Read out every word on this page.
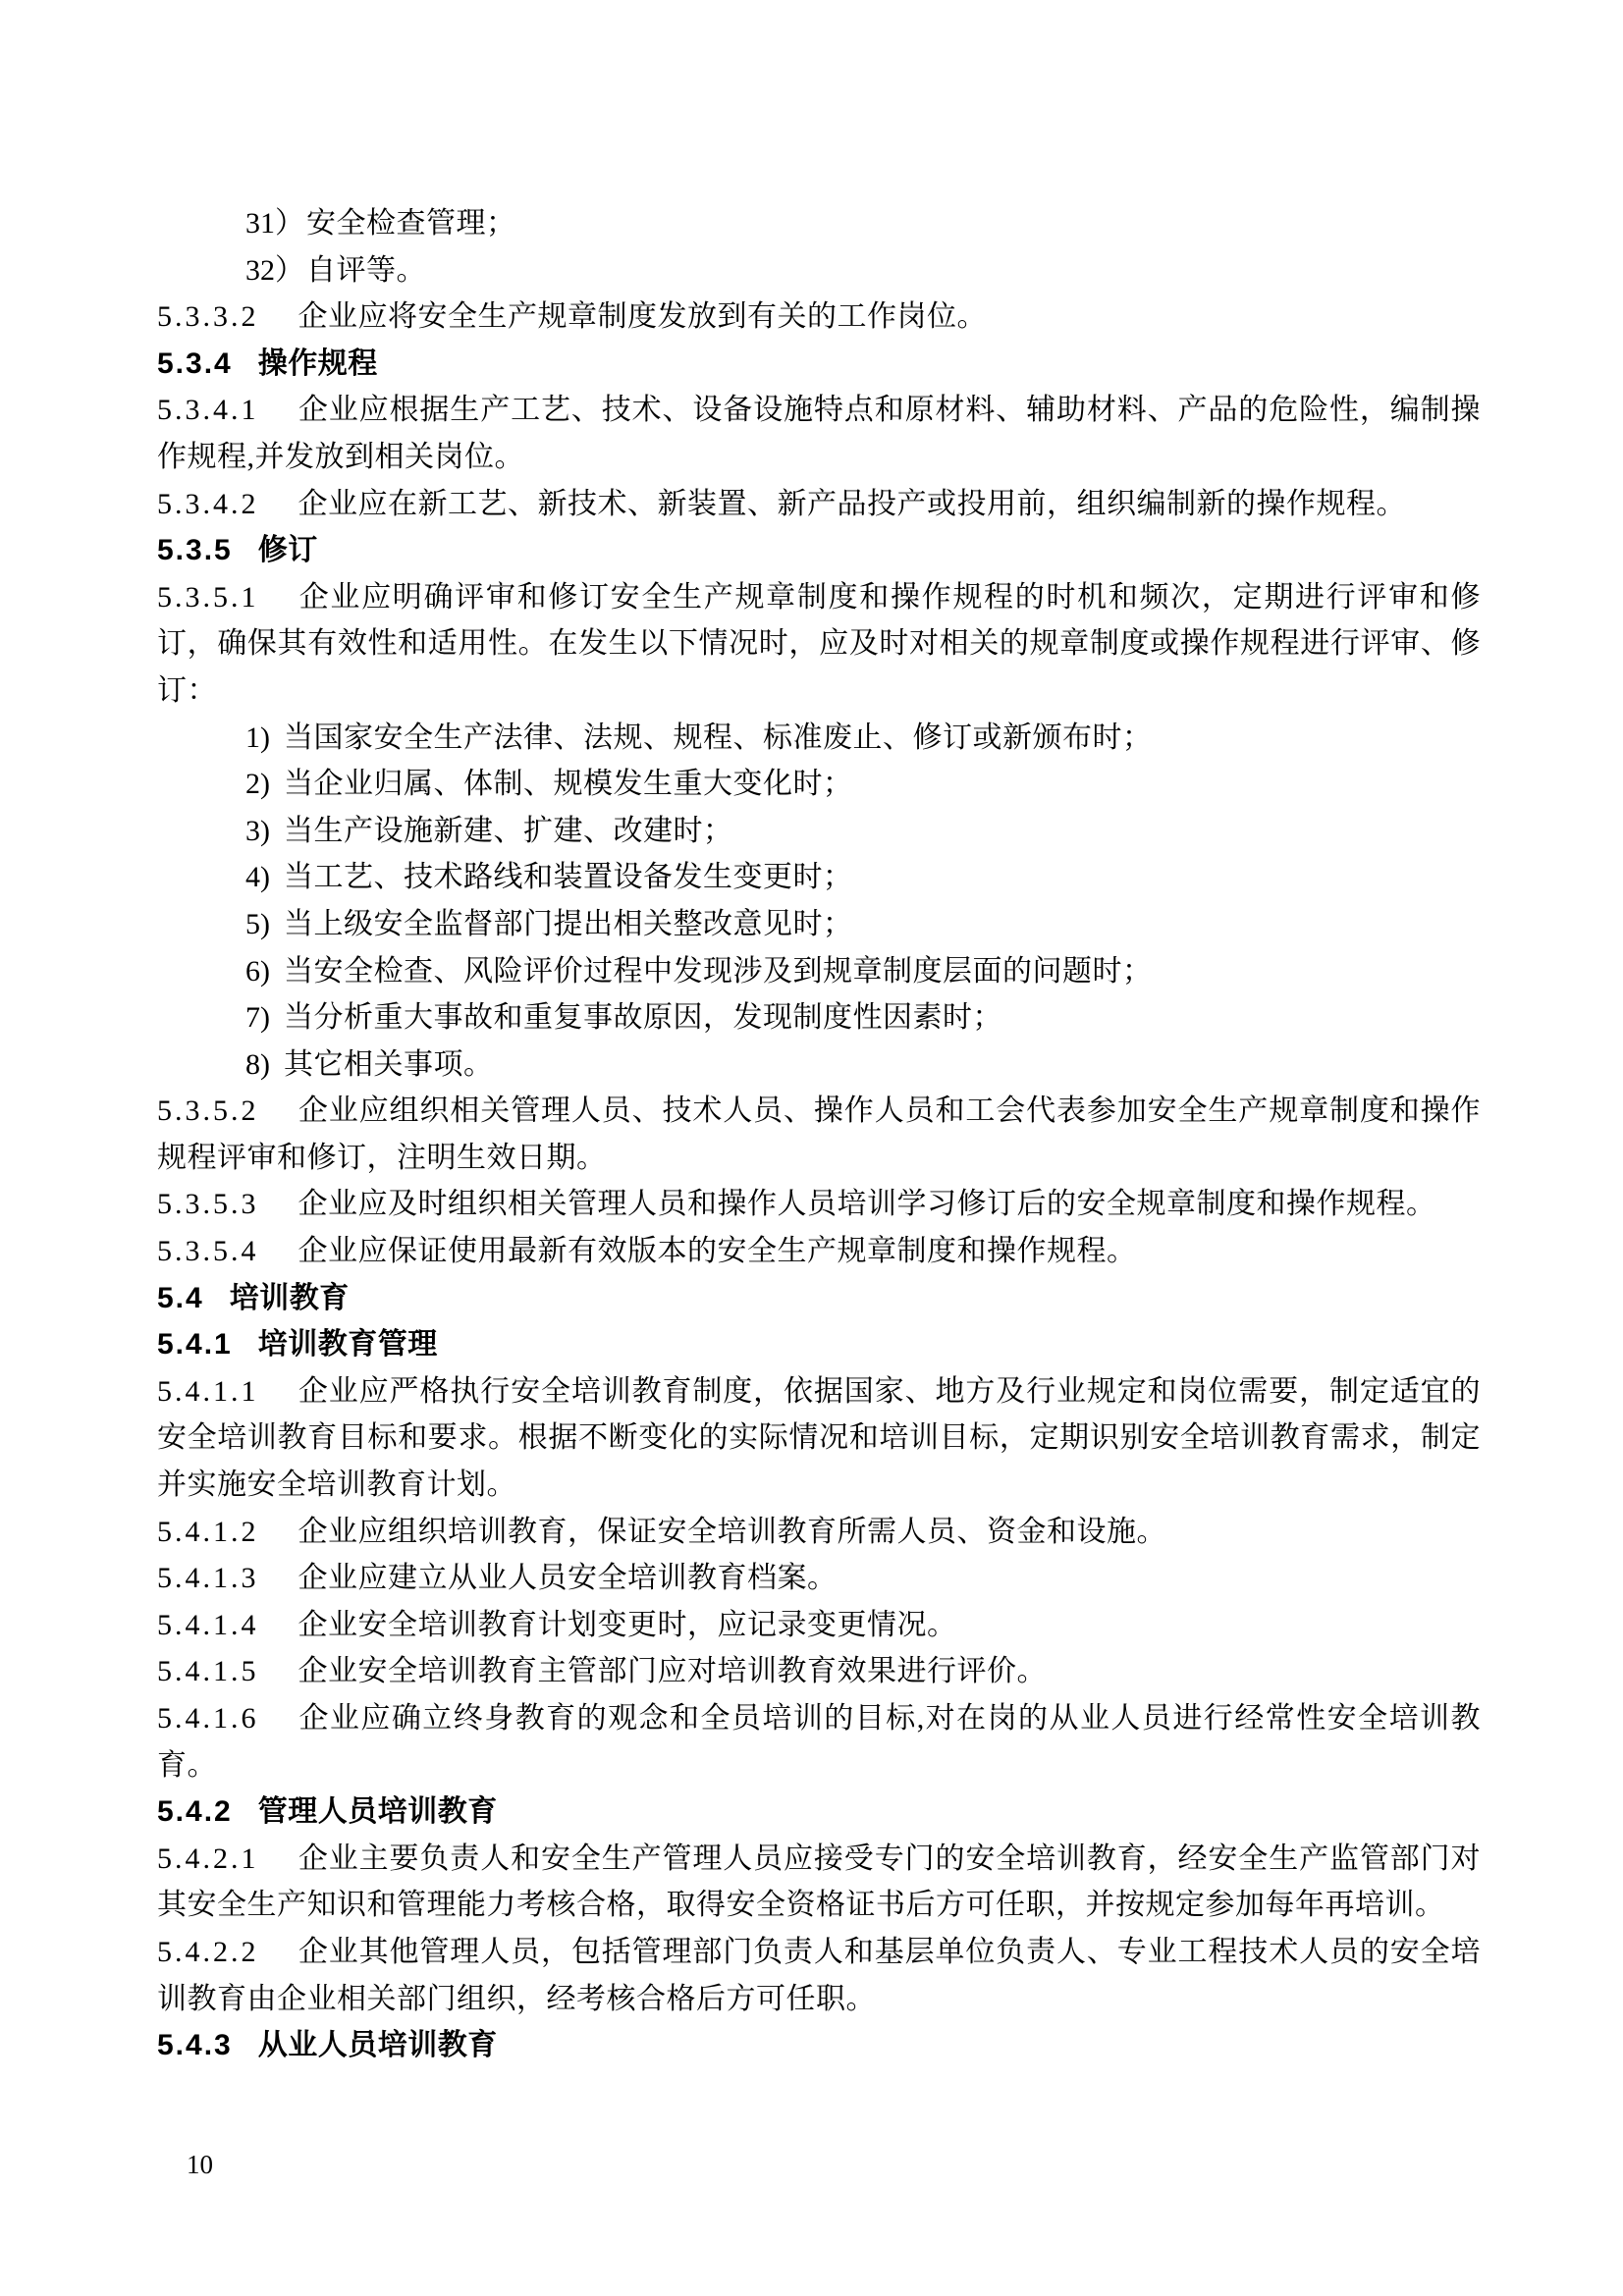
31）安全检查管理；

32）自评等。

5.3.3.2 企业应将安全生产规章制度发放到有关的工作岗位。

5.3.4 操作规程

5.3.4.1 企业应根据生产工艺、技术、设备设施特点和原材料、辅助材料、产品的危险性，编制操作规程,并发放到相关岗位。

5.3.4.2 企业应在新工艺、新技术、新装置、新产品投产或投用前，组织编制新的操作规程。

5.3.5 修订

5.3.5.1 企业应明确评审和修订安全生产规章制度和操作规程的时机和频次，定期进行评审和修订，确保其有效性和适用性。在发生以下情况时，应及时对相关的规章制度或操作规程进行评审、修订：

1) 当国家安全生产法律、法规、规程、标准废止、修订或新颁布时；

2) 当企业归属、体制、规模发生重大变化时；

3) 当生产设施新建、扩建、改建时；

4) 当工艺、技术路线和装置设备发生变更时；

5) 当上级安全监督部门提出相关整改意见时；

6) 当安全检查、风险评价过程中发现涉及到规章制度层面的问题时；

7) 当分析重大事故和重复事故原因，发现制度性因素时；

8) 其它相关事项。

5.3.5.2 企业应组织相关管理人员、技术人员、操作人员和工会代表参加安全生产规章制度和操作规程评审和修订，注明生效日期。

5.3.5.3 企业应及时组织相关管理人员和操作人员培训学习修订后的安全规章制度和操作规程。

5.3.5.4 企业应保证使用最新有效版本的安全生产规章制度和操作规程。

5.4 培训教育

5.4.1 培训教育管理

5.4.1.1 企业应严格执行安全培训教育制度，依据国家、地方及行业规定和岗位需要，制定适宜的安全培训教育目标和要求。根据不断变化的实际情况和培训目标，定期识别安全培训教育需求，制定并实施安全培训教育计划。

5.4.1.2 企业应组织培训教育，保证安全培训教育所需人员、资金和设施。

5.4.1.3 企业应建立从业人员安全培训教育档案。

5.4.1.4 企业安全培训教育计划变更时，应记录变更情况。

5.4.1.5 企业安全培训教育主管部门应对培训教育效果进行评价。

5.4.1.6 企业应确立终身教育的观念和全员培训的目标,对在岗的从业人员进行经常性安全培训教育。

5.4.2 管理人员培训教育

5.4.2.1 企业主要负责人和安全生产管理人员应接受专门的安全培训教育，经安全生产监管部门对其安全生产知识和管理能力考核合格，取得安全资格证书后方可任职，并按规定参加每年再培训。

5.4.2.2 企业其他管理人员，包括管理部门负责人和基层单位负责人、专业工程技术人员的安全培训教育由企业相关部门组织，经考核合格后方可任职。

5.4.3 从业人员培训教育

10
